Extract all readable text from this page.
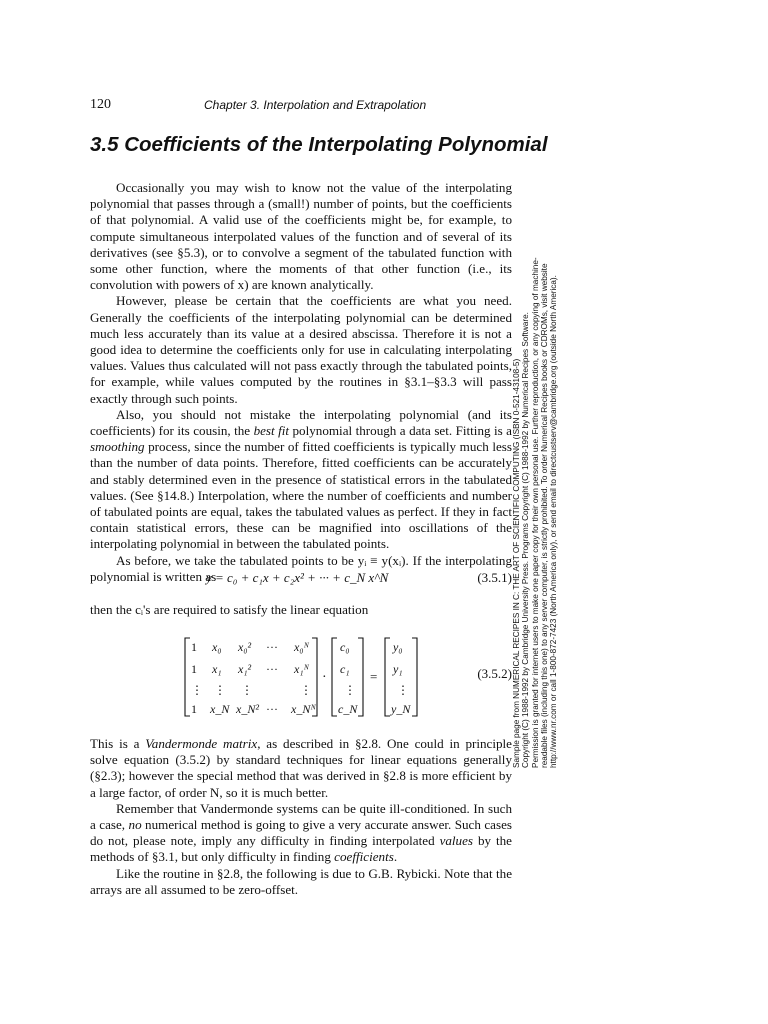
120	Chapter 3. Interpolation and Extrapolation
3.5 Coefficients of the Interpolating Polynomial

Occasionally you may wish to know not the value of the interpolating polynomial that passes through a (small!) number of points, but the coefficients of that polynomial. A valid use of the coefficients might be, for example, to compute simultaneous interpolated values of the function and of several of its derivatives (see §5.3), or to convolve a segment of the tabulated function with some other function, where the moments of that other function (i.e., its convolution with powers of x) are known analytically.

However, please be certain that the coefficients are what you need. Generally the coefficients of the interpolating polynomial can be determined much less accurately than its value at a desired abscissa. Therefore it is not a good idea to determine the coefficients only for use in calculating interpolating values. Values thus calculated will not pass exactly through the tabulated points, for example, while values computed by the routines in §3.1–§3.3 will pass exactly through such points.

Also, you should not mistake the interpolating polynomial (and its coefficients) for its cousin, the best fit polynomial through a data set. Fitting is a smoothing process, since the number of fitted coefficients is typically much less than the number of data points. Therefore, fitted coefficients can be accurately and stably determined even in the presence of statistical errors in the tabulated values. (See §14.8.) Interpolation, where the number of coefficients and number of tabulated points are equal, takes the tabulated values as perfect. If they in fact contain statistical errors, these can be magnified into oscillations of the interpolating polynomial in between the tabulated points.

As before, we take the tabulated points to be yᵢ ≡ y(xᵢ). If the interpolating polynomial is written as

y = c₀ + c₁x + c₂x² + ··· + c_N x^N	(3.5.1)
then the cᵢ's are required to satisfy the linear equation
1 x₀ x₀² ··· x₀ᴺ
1 x₁ x₁² ··· x₁ᴺ
⋮ ⋮ ⋮	⋮
1 x_N x_N² ··· x_Nᴺ
·
c₀
c₁
⋮
c_N
=
y₀
y₁
⋮
y_N
(3.5.2)

This is a Vandermonde matrix, as described in §2.8. One could in principle solve equation (3.5.2) by standard techniques for linear equations generally (§2.3); however the special method that was derived in §2.8 is more efficient by a large factor, of order N, so it is much better.

Remember that Vandermonde systems can be quite ill-conditioned. In such a case, no numerical method is going to give a very accurate answer. Such cases do not, please note, imply any difficulty in finding interpolated values by the methods of §3.1, but only difficulty in finding coefficients.

Like the routine in §2.8, the following is due to G.B. Rybicki. Note that the arrays are all assumed to be zero-offset.

Sample page from NUMERICAL RECIPES IN C: THE ART OF SCIENTIFIC COMPUTING (ISBN 0-521-43108-5) Copyright (C) 1988-1992 by Cambridge University Press. Programs Copyright (C) 1988-1992 by Numerical Recipes Software. Permission is granted for internet users to make one paper copy for their own personal use. Further reproduction, or any copying of machine- readable files (including this one) to any server computer, is strictly prohibited. To order Numerical Recipes books or CDROMs, visit website http://www.nr.com or call 1-800-872-7423 (North America only), or send email to directcustserv@cambridge.org (outside North America).
